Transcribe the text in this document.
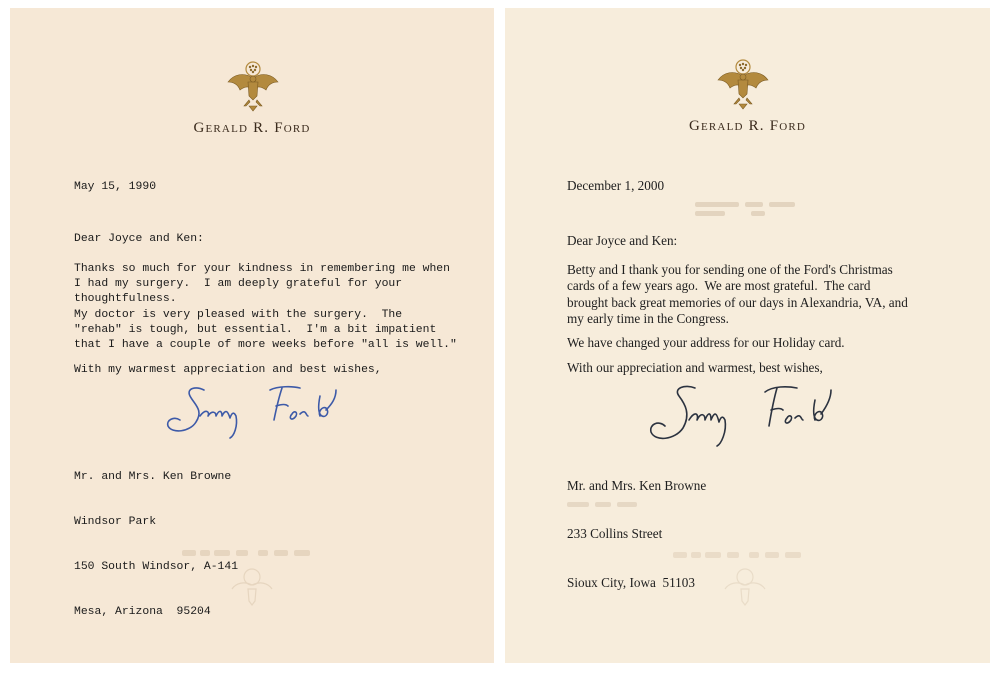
Gerald R. Ford
May 15, 1990
Dear Joyce and Ken:
Thanks so much for your kindness in remembering me when
I had my surgery.  I am deeply grateful for your
thoughtfulness.
My doctor is very pleased with the surgery.  The
"rehab" is tough, but essential.  I'm a bit impatient
that I have a couple of more weeks before "all is well."
With my warmest appreciation and best wishes,

Mr. and Mrs. Ken Browne

Windsor Park

150 South Windsor, A-141

Mesa, Arizona  95204

Gerald R. Ford
December 1, 2000
Dear Joyce and Ken:
Betty and I thank you for sending one of the Ford's Christmas
cards of a few years ago.  We are most grateful.  The card
brought back great memories of our days in Alexandria, VA, and
my early time in the Congress.
We have changed your address for our Holiday card.
With our appreciation and warmest, best wishes,

Mr. and Mrs. Ken Browne

233 Collins Street

Sioux City, Iowa  51103
